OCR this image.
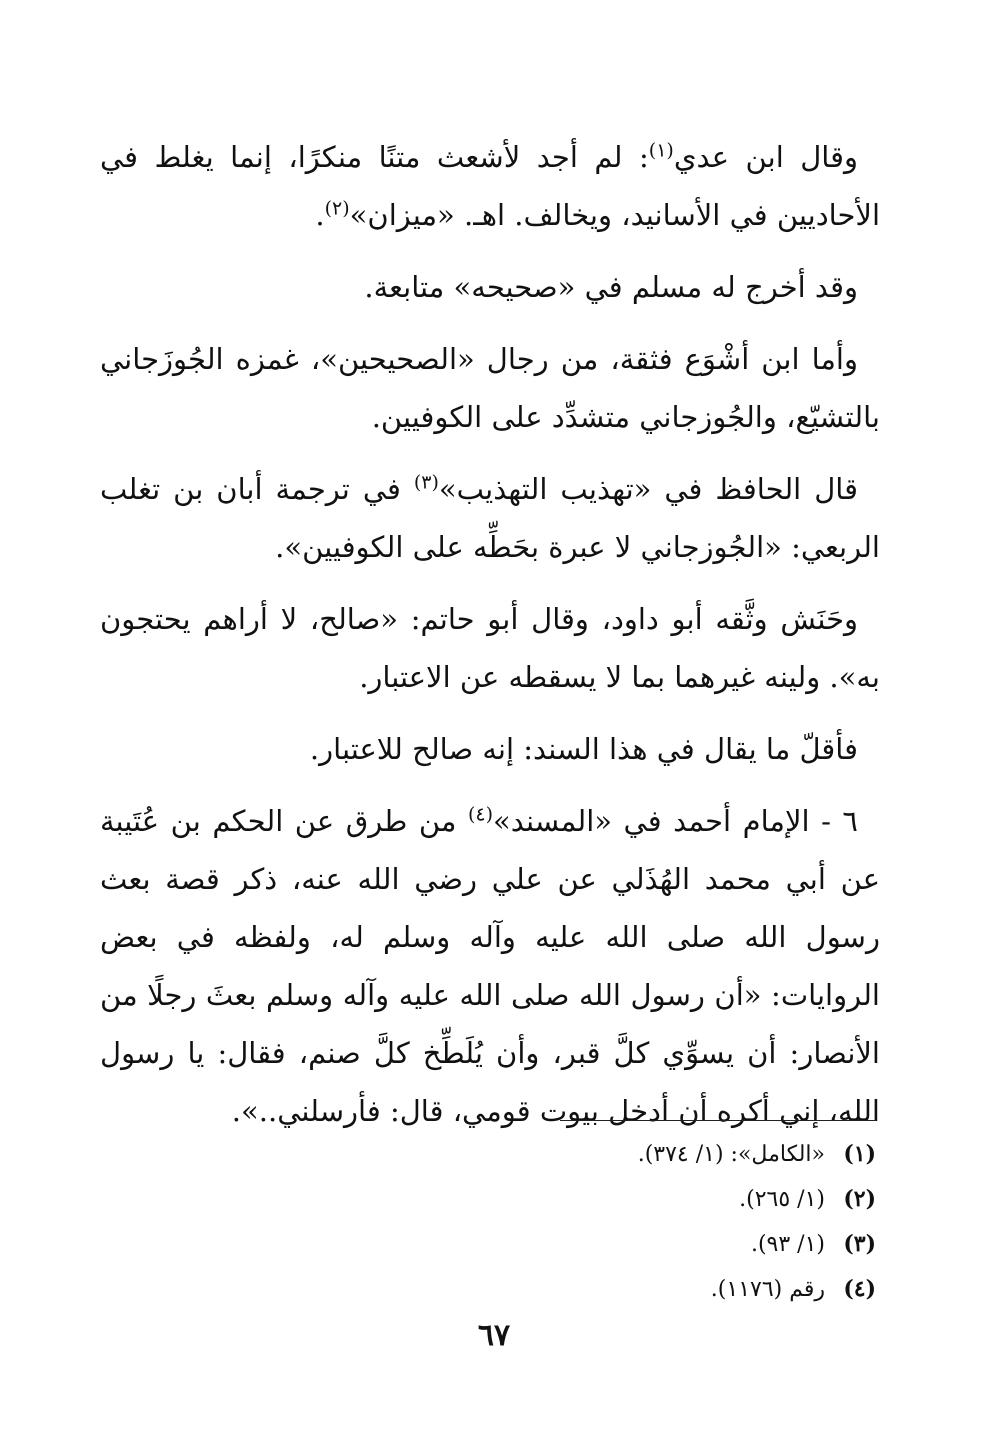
وقال ابن عدي$^{(١)}$: لم أجد لأشعث متنًا منكرًا، إنما يغلط في الأحاديين في الأسانيد، ويخالف. اهـ. «ميزان»$^{(٢)}$.

وقد أخرج له مسلم في «صحيحه» متابعة.

وأما ابن أشْوَع فثقة، من رجال «الصحيحين»، غمزه الجُوزَجاني بالتشيّع، والجُوزجاني متشدِّد على الكوفيين.

قال الحافظ في «تهذيب التهذيب»$^{(٣)}$ في ترجمة أبان بن تغلب الربعي: «الجُوزجاني لا عبرة بحَطِّه على الكوفيين».

وحَنَش وثَّقه أبو داود، وقال أبو حاتم: «صالح، لا أراهم يحتجون به». ولينه غيرهما بما لا يسقطه عن الاعتبار.

فأقلّ ما يقال في هذا السند: إنه صالح للاعتبار.

٦ - الإمام أحمد في «المسند»$^{(٤)}$ من طرق عن الحكم بن عُتَيبة عن أبي محمد الهُذَلي عن علي رضي الله عنه، ذكر قصة بعث رسول الله صلى الله عليه وآله وسلم له، ولفظه في بعض الروايات: «أن رسول الله صلى الله عليه وآله وسلم بعثَ رجلًا من الأنصار: أن يسوِّي كلَّ قبر، وأن يُلَطِّخ كلَّ صنم، فقال: يا رسول الله، إني أكره أن أدخل بيوت قومي، قال: فأرسلني..».

(١) «الكامل»: (١/ ٣٧٤).
(٢) (١/ ٢٦٥).
(٣) (١/ ٩٣).
(٤) رقم (١١٧٦).
٦٧
